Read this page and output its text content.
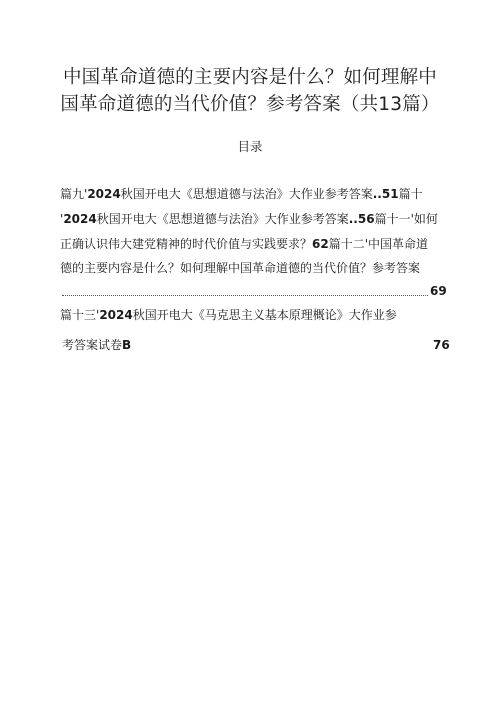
中国革命道德的主要内容是什么？如何理解中
国革命道德的当代价值？参考答案（共13篇）
目录
篇九'2024秋国开电大《思想道德与法治》大作业参考答案..51篇十
'2024秋国开电大《思想道德与法治》大作业参考答案..56篇十一'如何
正确认识伟大建党精神的时代价值与实践要求？62篇十二'中国革命道
德的主要内容是什么？如何理解中国革命道德的当代价值？参考答案
69
篇十三'2024秋国开电大《马克思主义基本原理概论》大作业参
考答案试卷B	76
